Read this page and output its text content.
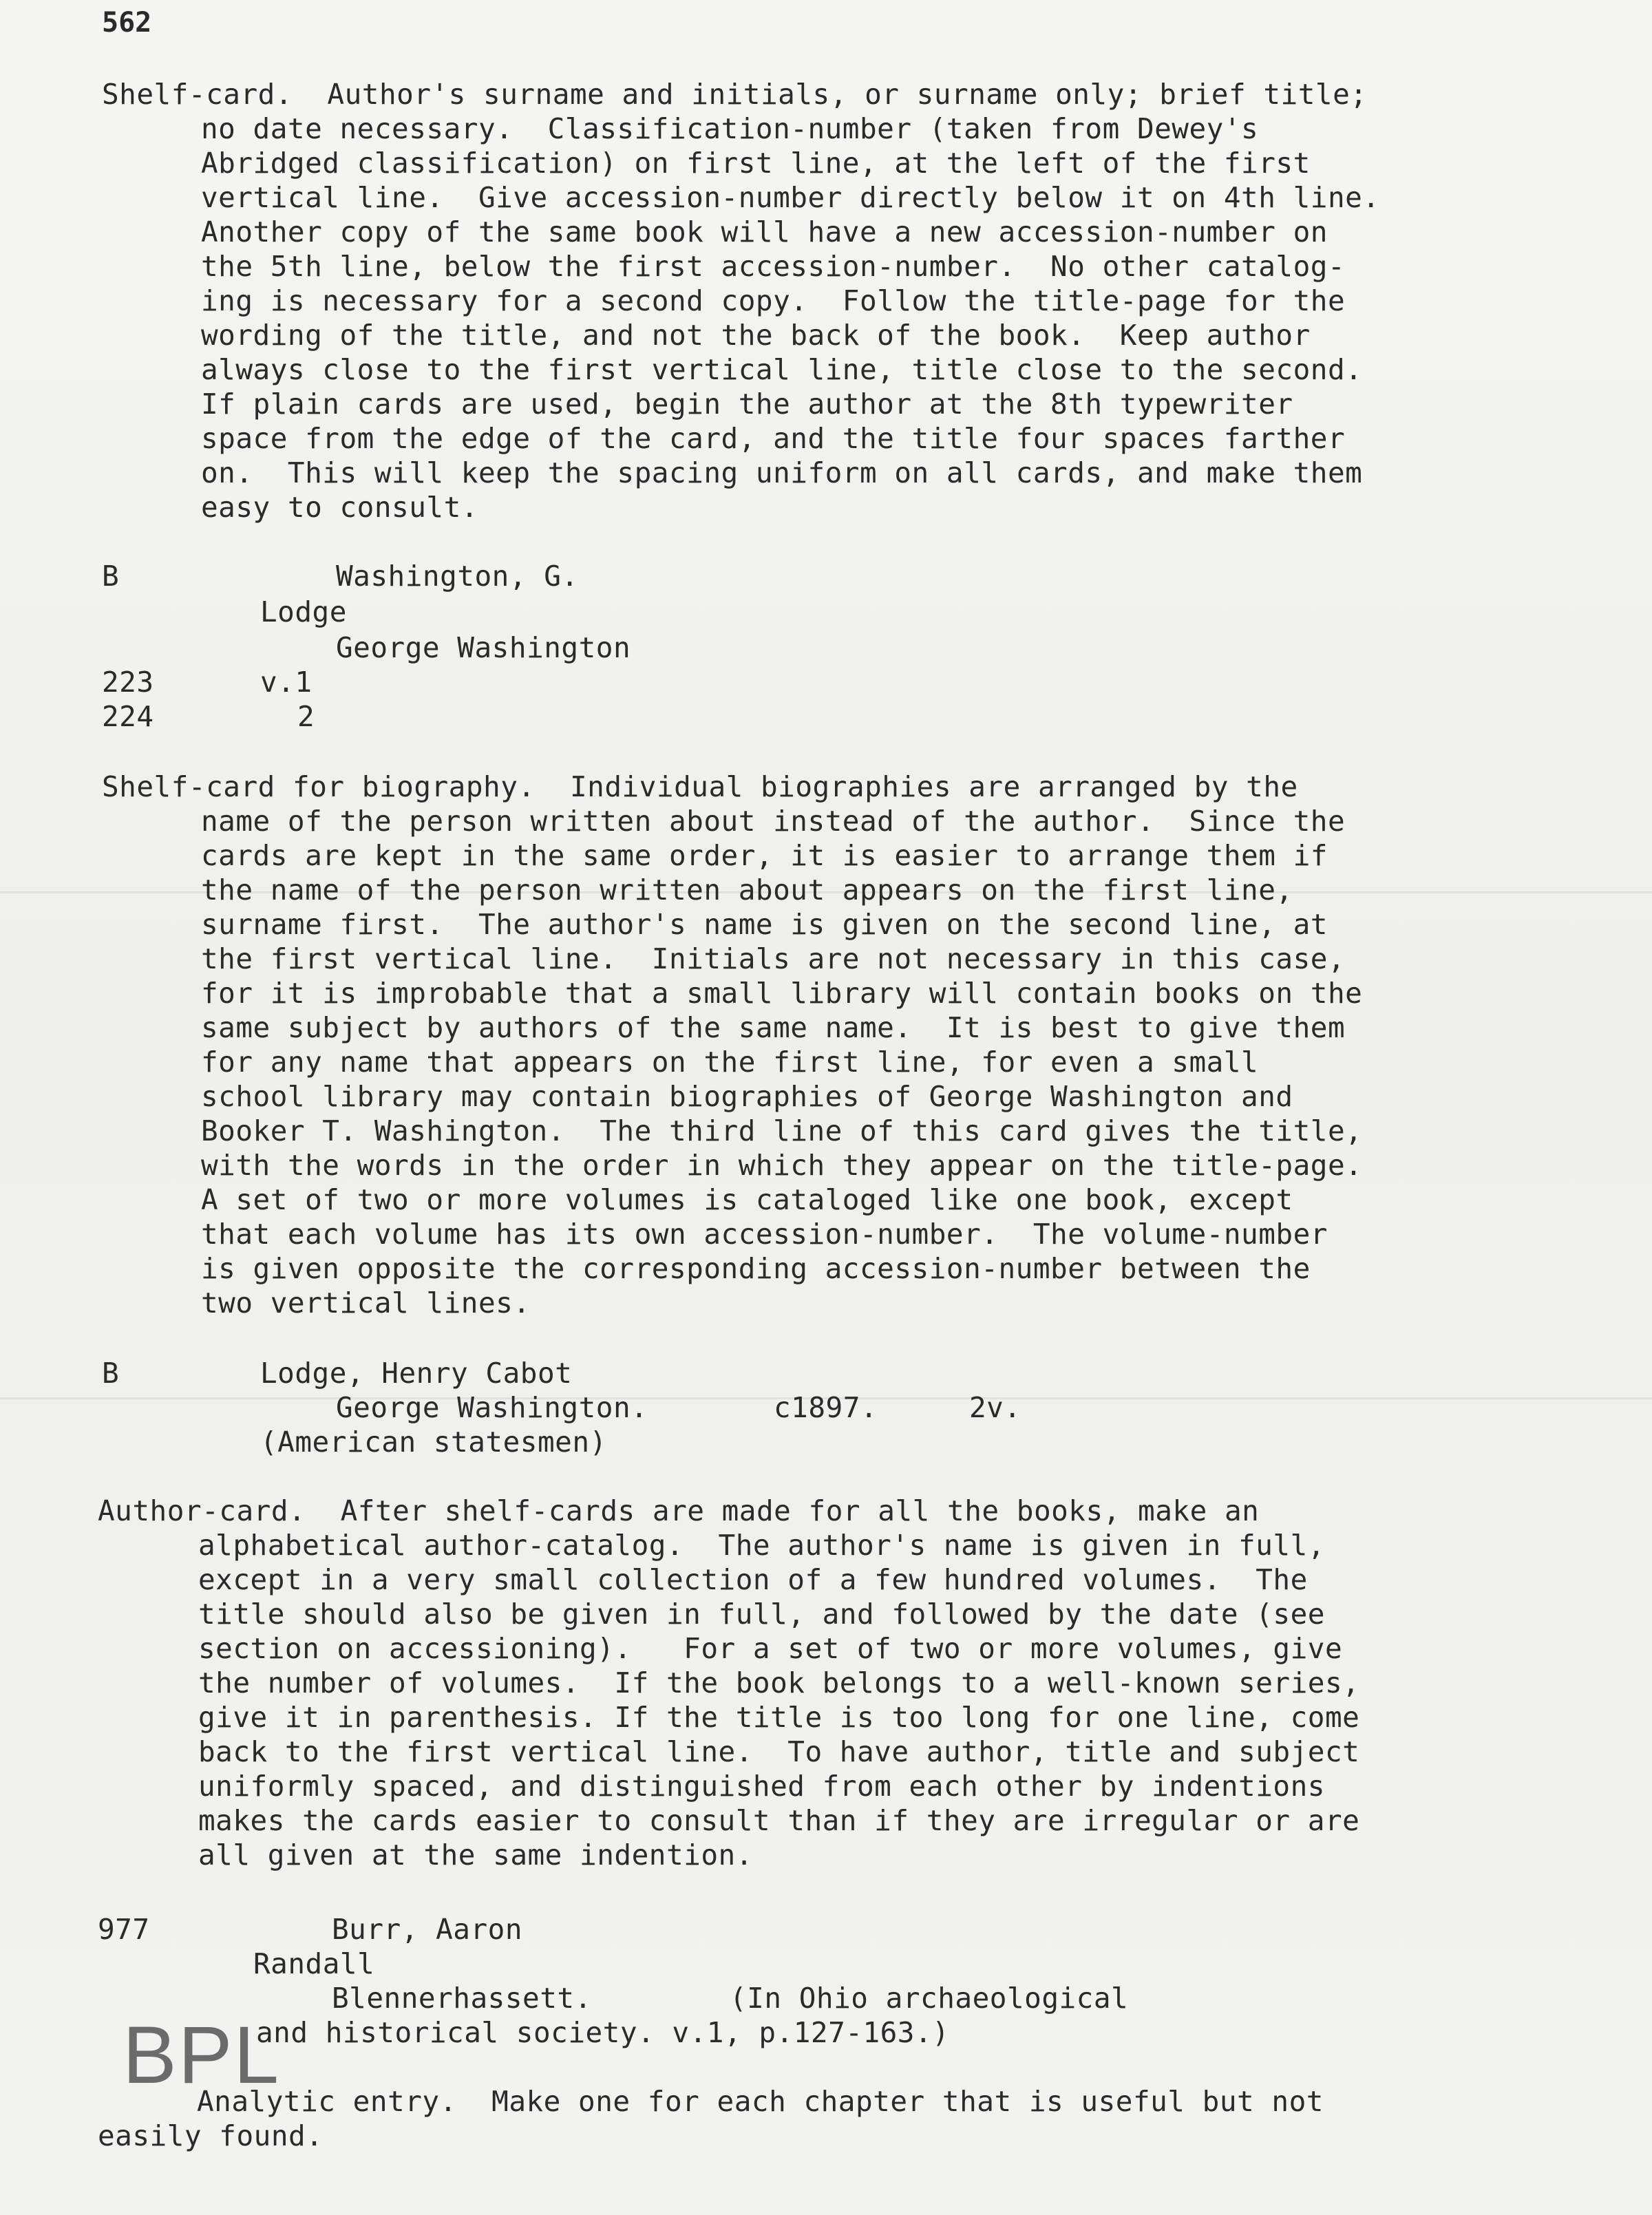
562
Shelf-card.  Author's surname and initials, or surname only; brief title;
no date necessary.  Classification-number (taken from Dewey's
Abridged classification) on first line, at the left of the first
vertical line.  Give accession-number directly below it on 4th line.
Another copy of the same book will have a new accession-number on
the 5th line, below the first accession-number.  No other catalog-
ing is necessary for a second copy.  Follow the title-page for the
wording of the title, and not the back of the book.  Keep author
always close to the first vertical line, title close to the second.
If plain cards are used, begin the author at the 8th typewriter
space from the edge of the card, and the title four spaces farther
on.  This will keep the spacing uniform on all cards, and make them
easy to consult.
B	Washington, G.
Lodge
George Washington
223	v.1
224	2
Shelf-card for biography.  Individual biographies are arranged by the
name of the person written about instead of the author.  Since the
cards are kept in the same order, it is easier to arrange them if
the name of the person written about appears on the first line,
surname first.  The author's name is given on the second line, at
the first vertical line.  Initials are not necessary in this case,
for it is improbable that a small library will contain books on the
same subject by authors of the same name.  It is best to give them
for any name that appears on the first line, for even a small
school library may contain biographies of George Washington and
Booker T. Washington.  The third line of this card gives the title,
with the words in the order in which they appear on the title-page.
A set of two or more volumes is cataloged like one book, except
that each volume has its own accession-number.  The volume-number
is given opposite the corresponding accession-number between the
two vertical lines.
B	Lodge, Henry Cabot
George Washington.	c1897.	2v.
(American statesmen)
Author-card.  After shelf-cards are made for all the books, make an
alphabetical author-catalog.  The author's name is given in full,
except in a very small collection of a few hundred volumes.  The
title should also be given in full, and followed by the date (see
section on accessioning).   For a set of two or more volumes, give
the number of volumes.  If the book belongs to a well-known series,
give it in parenthesis. If the title is too long for one line, come
back to the first vertical line.  To have author, title and subject
uniformly spaced, and distinguished from each other by indentions
makes the cards easier to consult than if they are irregular or are
all given at the same indention.
977	Burr, Aaron
Randall
Blennerhassett.	(In Ohio archaeological
and historical society. v.1, p.127-163.)
Analytic entry.  Make one for each chapter that is useful but not
easily found.
BPL
